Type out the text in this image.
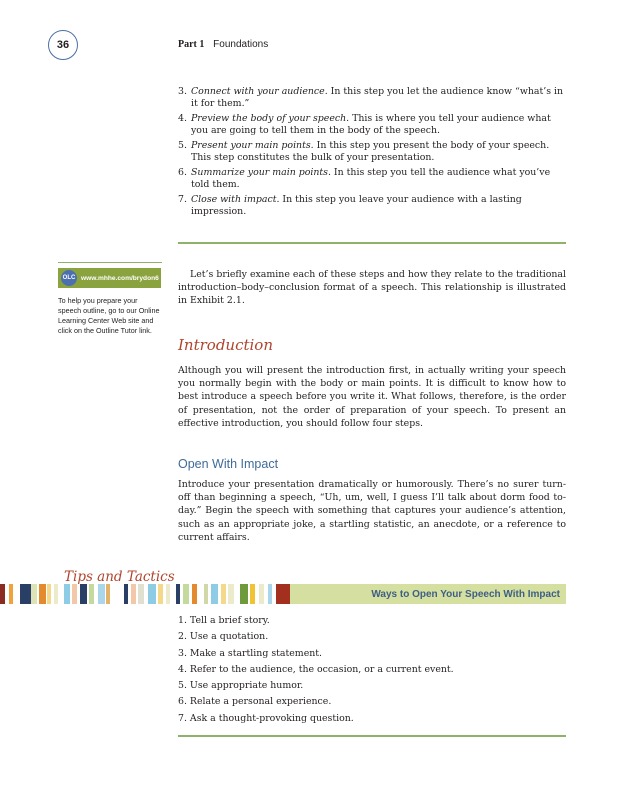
36	Part 1 Foundations
3. Connect with your audience. In this step you let the audience know “what’s in it for them.”
4. Preview the body of your speech. This is where you tell your audience what you are going to tell them in the body of the speech.
5. Present your main points. In this step you present the body of your speech. This step constitutes the bulk of your presentation.
6. Summarize your main points. In this step you tell the audience what you’ve told them.
7. Close with impact. In this step you leave your audience with a lasting impression.
OLC www.mhhe.com/brydon6
To help you prepare your speech outline, go to our Online Learning Center Web site and click on the Outline Tutor link.

Let’s briefly examine each of these steps and how they relate to the traditional introduction–body–conclusion format of a speech. This relationship is illustrated in Exhibit 2.1.

Introduction

Although you will present the introduction first, in actually writing your speech you normally begin with the body or main points. It is difficult to know how to best introduce a speech before you write it. What follows, therefore, is the order of presentation, not the order of preparation of your speech. To present an effective introduction, you should follow four steps.

Open With Impact

Introduce your presentation dramatically or humorously. There’s no surer turn-off than beginning a speech, “Uh, um, well, I guess I’ll talk about dorm food to-day.” Begin the speech with something that captures your audience’s attention, such as an appropriate joke, a startling statistic, an anecdote, or a reference to current affairs.

Ways to Open Your Speech With Impact
Tips and Tactics
1. Tell a brief story.
2. Use a quotation.
3. Make a startling statement.
4. Refer to the audience, the occasion, or a current event.
5. Use appropriate humor.
6. Relate a personal experience.
7. Ask a thought-provoking question.
